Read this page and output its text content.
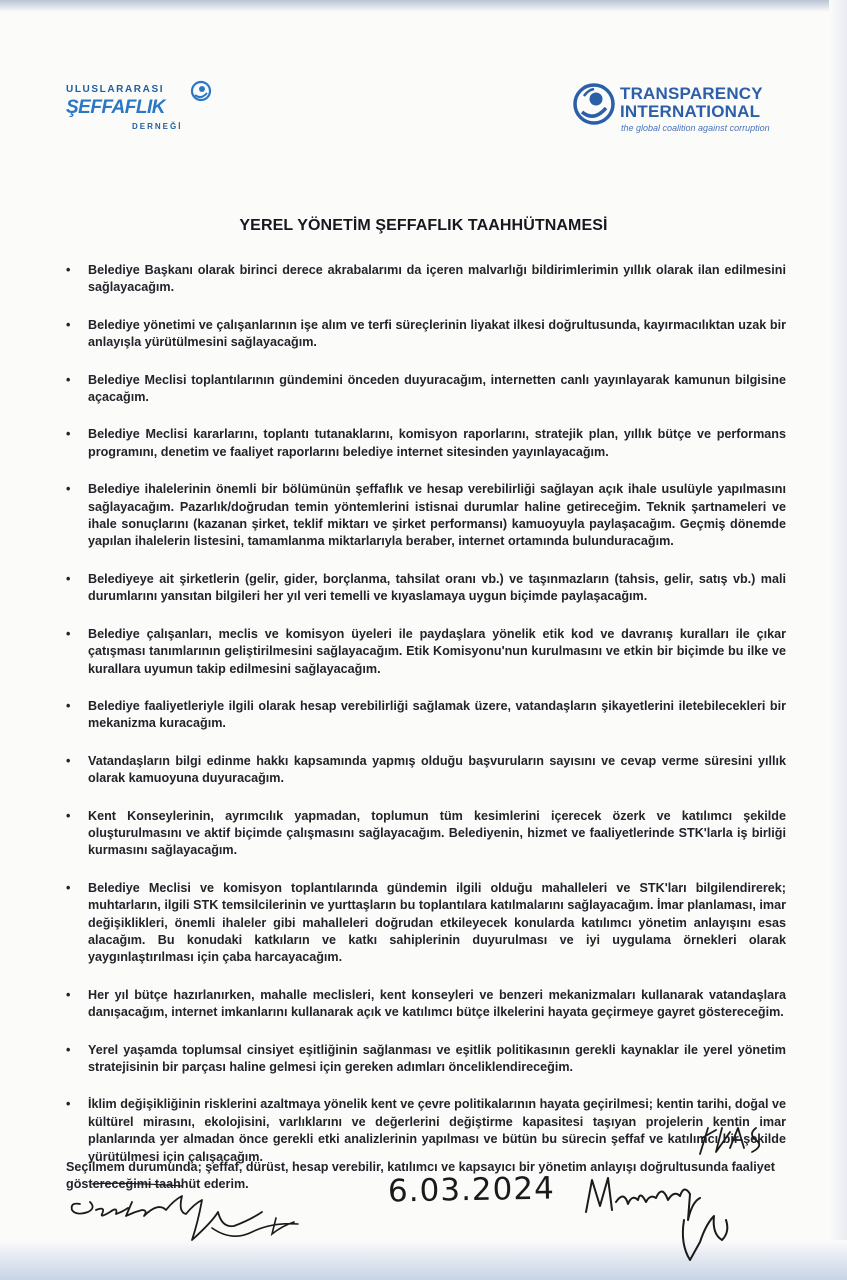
ULUSLARARASI
ŞEFFAFLIK
DERNEĞİ
TRANSPARENCY
INTERNATIONAL
the global coalition against corruption
YEREL YÖNETİM ŞEFFAFLIK TAAHHÜTNAMESİ
• Belediye Başkanı olarak birinci derece akrabalarımı da içeren malvarlığı bildirimlerimin yıllık olarak ilan edilmesini sağlayacağım.
• Belediye yönetimi ve çalışanlarının işe alım ve terfi süreçlerinin liyakat ilkesi doğrultusunda, kayırmacılıktan uzak bir anlayışla yürütülmesini sağlayacağım.
• Belediye Meclisi toplantılarının gündemini önceden duyuracağım, internetten canlı yayınlayarak kamunun bilgisine açacağım.
• Belediye Meclisi kararlarını, toplantı tutanaklarını, komisyon raporlarını, stratejik plan, yıllık bütçe ve performans programını, denetim ve faaliyet raporlarını belediye internet sitesinden yayınlayacağım.
• Belediye ihalelerinin önemli bir bölümünün şeffaflık ve hesap verebilirliği sağlayan açık ihale usulüyle yapılmasını sağlayacağım. Pazarlık/doğrudan temin yöntemlerini istisnai durumlar haline getireceğim. Teknik şartnameleri ve ihale sonuçlarını (kazanan şirket, teklif miktarı ve şirket performansı) kamuoyuyla paylaşacağım. Geçmiş dönemde yapılan ihalelerin listesini, tamamlanma miktarlarıyla beraber, internet ortamında bulunduracağım.
• Belediyeye ait şirketlerin (gelir, gider, borçlanma, tahsilat oranı vb.) ve taşınmazların (tahsis, gelir, satış vb.) mali durumlarını yansıtan bilgileri her yıl veri temelli ve kıyaslamaya uygun biçimde paylaşacağım.
• Belediye çalışanları, meclis ve komisyon üyeleri ile paydaşlara yönelik etik kod ve davranış kuralları ile çıkar çatışması tanımlarının geliştirilmesini sağlayacağım. Etik Komisyonu'nun kurulmasını ve etkin bir biçimde bu ilke ve kurallara uyumun takip edilmesini sağlayacağım.
• Belediye faaliyetleriyle ilgili olarak hesap verebilirliği sağlamak üzere, vatandaşların şikayetlerini iletebilecekleri bir mekanizma kuracağım.
• Vatandaşların bilgi edinme hakkı kapsamında yapmış olduğu başvuruların sayısını ve cevap verme süresini yıllık olarak kamuoyuna duyuracağım.
• Kent Konseylerinin, ayrımcılık yapmadan, toplumun tüm kesimlerini içerecek özerk ve katılımcı şekilde oluşturulmasını ve aktif biçimde çalışmasını sağlayacağım. Belediyenin, hizmet ve faaliyetlerinde STK'larla iş birliği kurmasını sağlayacağım.
• Belediye Meclisi ve komisyon toplantılarında gündemin ilgili olduğu mahalleleri ve STK'ları bilgilendirerek; muhtarların, ilgili STK temsilcilerinin ve yurttaşların bu toplantılara katılmalarını sağlayacağım. İmar planlaması, imar değişiklikleri, önemli ihaleler gibi mahalleleri doğrudan etkileyecek konularda katılımcı yönetim anlayışını esas alacağım. Bu konudaki katkıların ve katkı sahiplerinin duyurulması ve iyi uygulama örnekleri olarak yaygınlaştırılması için çaba harcayacağım.
• Her yıl bütçe hazırlanırken, mahalle meclisleri, kent konseyleri ve benzeri mekanizmaları kullanarak vatandaşlara danışacağım, internet imkanlarını kullanarak açık ve katılımcı bütçe ilkelerini hayata geçirmeye gayret göstereceğim.
• Yerel yaşamda toplumsal cinsiyet eşitliğinin sağlanması ve eşitlik politikasının gerekli kaynaklar ile yerel yönetim stratejisinin bir parçası haline gelmesi için gereken adımları önceliklendireceğim.
• İklim değişikliğinin risklerini azaltmaya yönelik kent ve çevre politikalarının hayata geçirilmesi; kentin tarihi, doğal ve kültürel mirasını, ekolojisini, varlıklarını ve değerlerini değiştirme kapasitesi taşıyan projelerin kentin imar planlarında yer almadan önce gerekli etki analizlerinin yapılması ve bütün bu sürecin şeffaf ve katılımcı bir şekilde yürütülmesi için çalışacağım.
Seçilmem durumunda; şeffaf, dürüst, hesap verebilir, katılımcı ve kapsayıcı bir yönetim anlayışı doğrultusunda faaliyet göstereceğimi taahhüt ederim.	6.03.2024
